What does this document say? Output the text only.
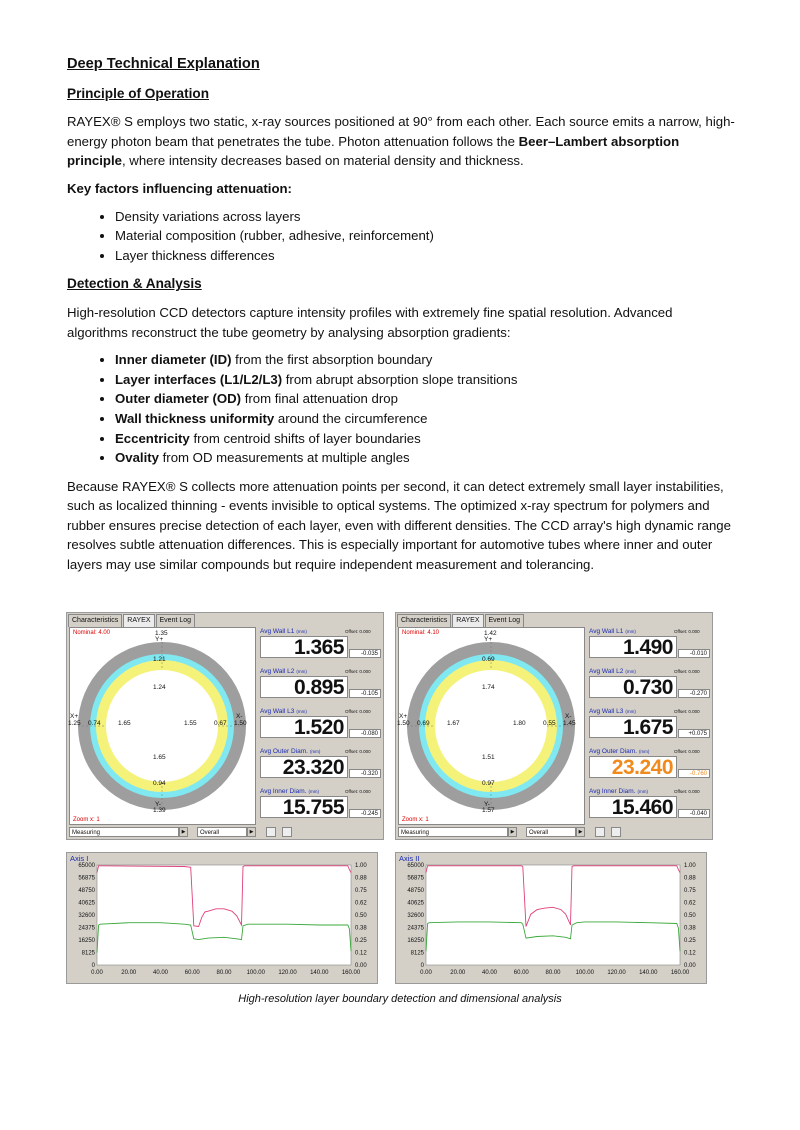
Deep Technical Explanation
Principle of Operation

RAYEX® S employs two static, x-ray sources positioned at 90° from each other. Each source emits a narrow, high-energy photon beam that penetrates the tube. Photon attenuation follows the Beer–Lambert absorption principle, where intensity decreases based on material density and thickness.

Key factors influencing attenuation:
• Density variations across layers
• Material composition (rubber, adhesive, reinforcement)
• Layer thickness differences
Detection & Analysis

High-resolution CCD detectors capture intensity profiles with extremely fine spatial resolution. Advanced algorithms reconstruct the tube geometry by analysing absorption gradients:

• Inner diameter (ID) from the first absorption boundary
• Layer interfaces (L1/L2/L3) from abrupt absorption slope transitions
• Outer diameter (OD) from final attenuation drop
• Wall thickness uniformity around the circumference
• Eccentricity from centroid shifts of layer boundaries
• Ovality from OD measurements at multiple angles

Because RAYEX® S collects more attenuation points per second, it can detect extremely small layer instabilities, such as localized thinning - events invisible to optical systems. The optimized x-ray spectrum for polymers and rubber ensures precise detection of each layer, even with different densities. The CCD array's high dynamic range resolves subtle attenuation differences. This is especially important for automotive tubes where inner and outer layers may use similar compounds but require independent measurement and tolerancing.

Characteristics RAYEX Event Log
Nominal: 4.00
Zoom x: 1
1.35
Y+
1.21
1.24
X+
1.25 0.74	1.65	1.55	0.67
X-
1.50
1.65
0.94
Y-
1.39
Avg Wall L1 (mm)	Offset: 0.000
1.365	-0.035
Avg Wall L2 (mm)	Offset: 0.000
0.895	-0.105
Avg Wall L3 (mm)	Offset: 0.000
1.520	-0.080
Avg Outer Diam. (mm)	Offset: 0.000
23.320	-0.320
Avg Inner Diam. (mm)	Offset: 0.000
15.755	-0.245
Measuring	▶	Overall	▶
Characteristics RAYEX Event Log
Nominal: 4.10
Zoom x: 1
1.42
Y+
0.69
1.74
X+
1.50 0.69	1.67	1.80	0.55
X-
1.45
1.51
0.97
Y-
1.57
Avg Wall L1 (mm)	Offset: 0.000
1.490	-0.010
Avg Wall L2 (mm)	Offset: 0.000
0.730	-0.270
Avg Wall L3 (mm)	Offset: 0.000
1.675	+0.075
Avg Outer Diam. (mm)	Offset: 0.000
23.240	-0.760
Avg Inner Diam. (mm)	Offset: 0.000
15.460	-0.040
Measuring	▶	Overall	▶
Axis I
65000	1.00
56875	0.88
48750	0.75
40625	0.62
32600	0.50
24375	0.38
16250	0.25
8125	0.12
0	0.00
0.00	20.00	40.00	60.00	80.00	100.00 120.00 140.00 160.00
Axis II
65000	1.00
56875	0.88
48750	0.75
40625	0.62
32600	0.50
24375	0.38
16250	0.25
8125	0.12
0	0.00
0.00	20.00	40.00	60.00	80.00	100.00 120.00 140.00 160.00
High-resolution layer boundary detection and dimensional analysis
